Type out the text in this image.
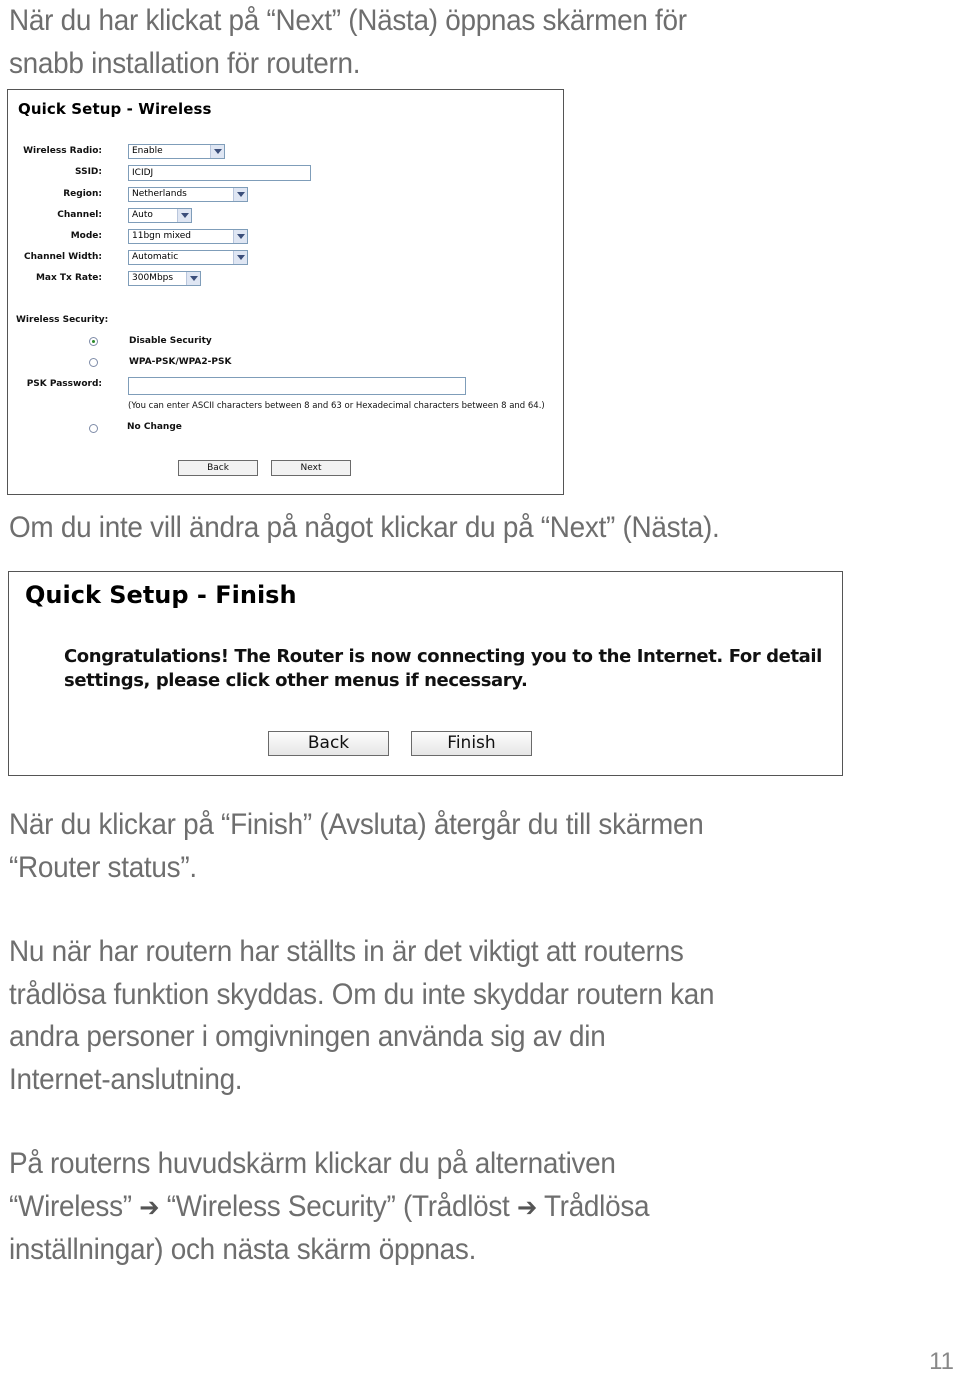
När du har klickat på “Next” (Nästa) öppnas skärmen för
snabb installation för routern.

Quick Setup - Wireless
Wireless Radio:	Enable
SSID:	ICIDJ
Region:	Netherlands
Channel:	Auto
Mode:	11bgn mixed
Channel Width:	Automatic
Max Tx Rate:	300Mbps
Wireless Security:
Disable Security
WPA-PSK/WPA2-PSK
PSK Password:
(You can enter ASCII characters between 8 and 63 or Hexadecimal characters between 8 and 64.)
No Change
Back	Next

Om du inte vill ändra på något klickar du på “Next” (Nästa).

Quick Setup - Finish
Congratulations! The Router is now connecting you to the Internet. For detail
settings, please click other menus if necessary.
Back	Finish

När du klickar på “Finish” (Avsluta) återgår du till skärmen
“Router status”.

Nu när har routern har ställts in är det viktigt att routerns
trådlösa funktion skyddas. Om du inte skyddar routern kan
andra personer i omgivningen använda sig av din
Internet-anslutning.

På routerns huvudskärm klickar du på alternativen
“Wireless” ➔ “Wireless Security” (Trådlöst ➔ Trådlösa
inställningar) och nästa skärm öppnas.

11
